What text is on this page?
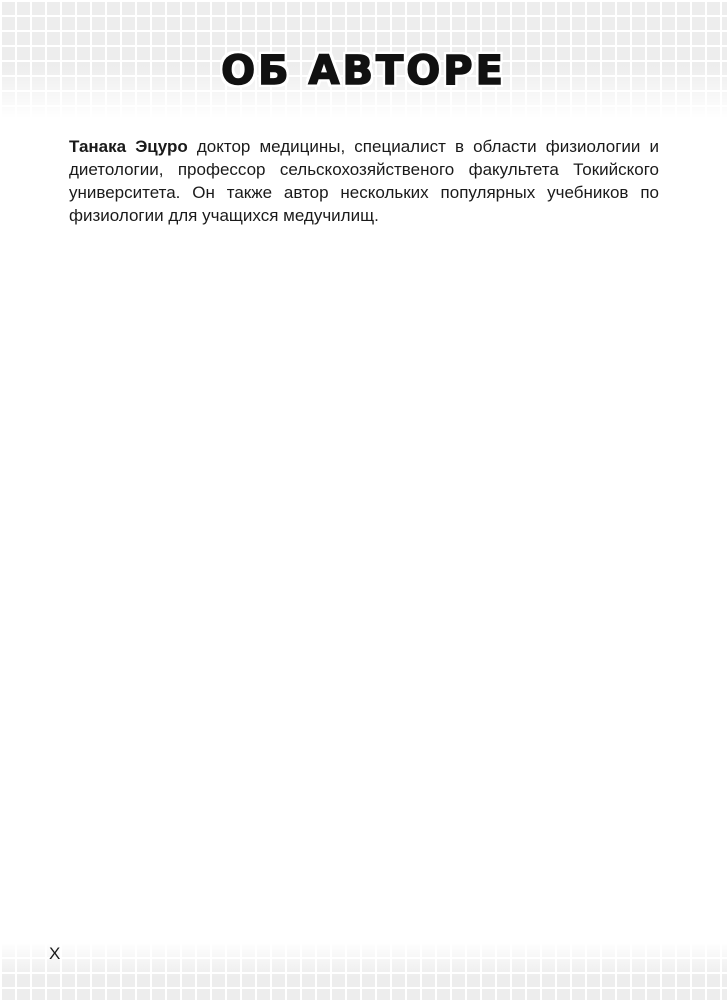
ОБ АВТОРЕ

Танака Эцуро доктор медицины, специалист в области физиологии и диетологии, профессор сельскохозяйственого факультета Токийского университета. Он также автор нескольких популярных учебников по физиологии для учащихся медучилищ.

X
